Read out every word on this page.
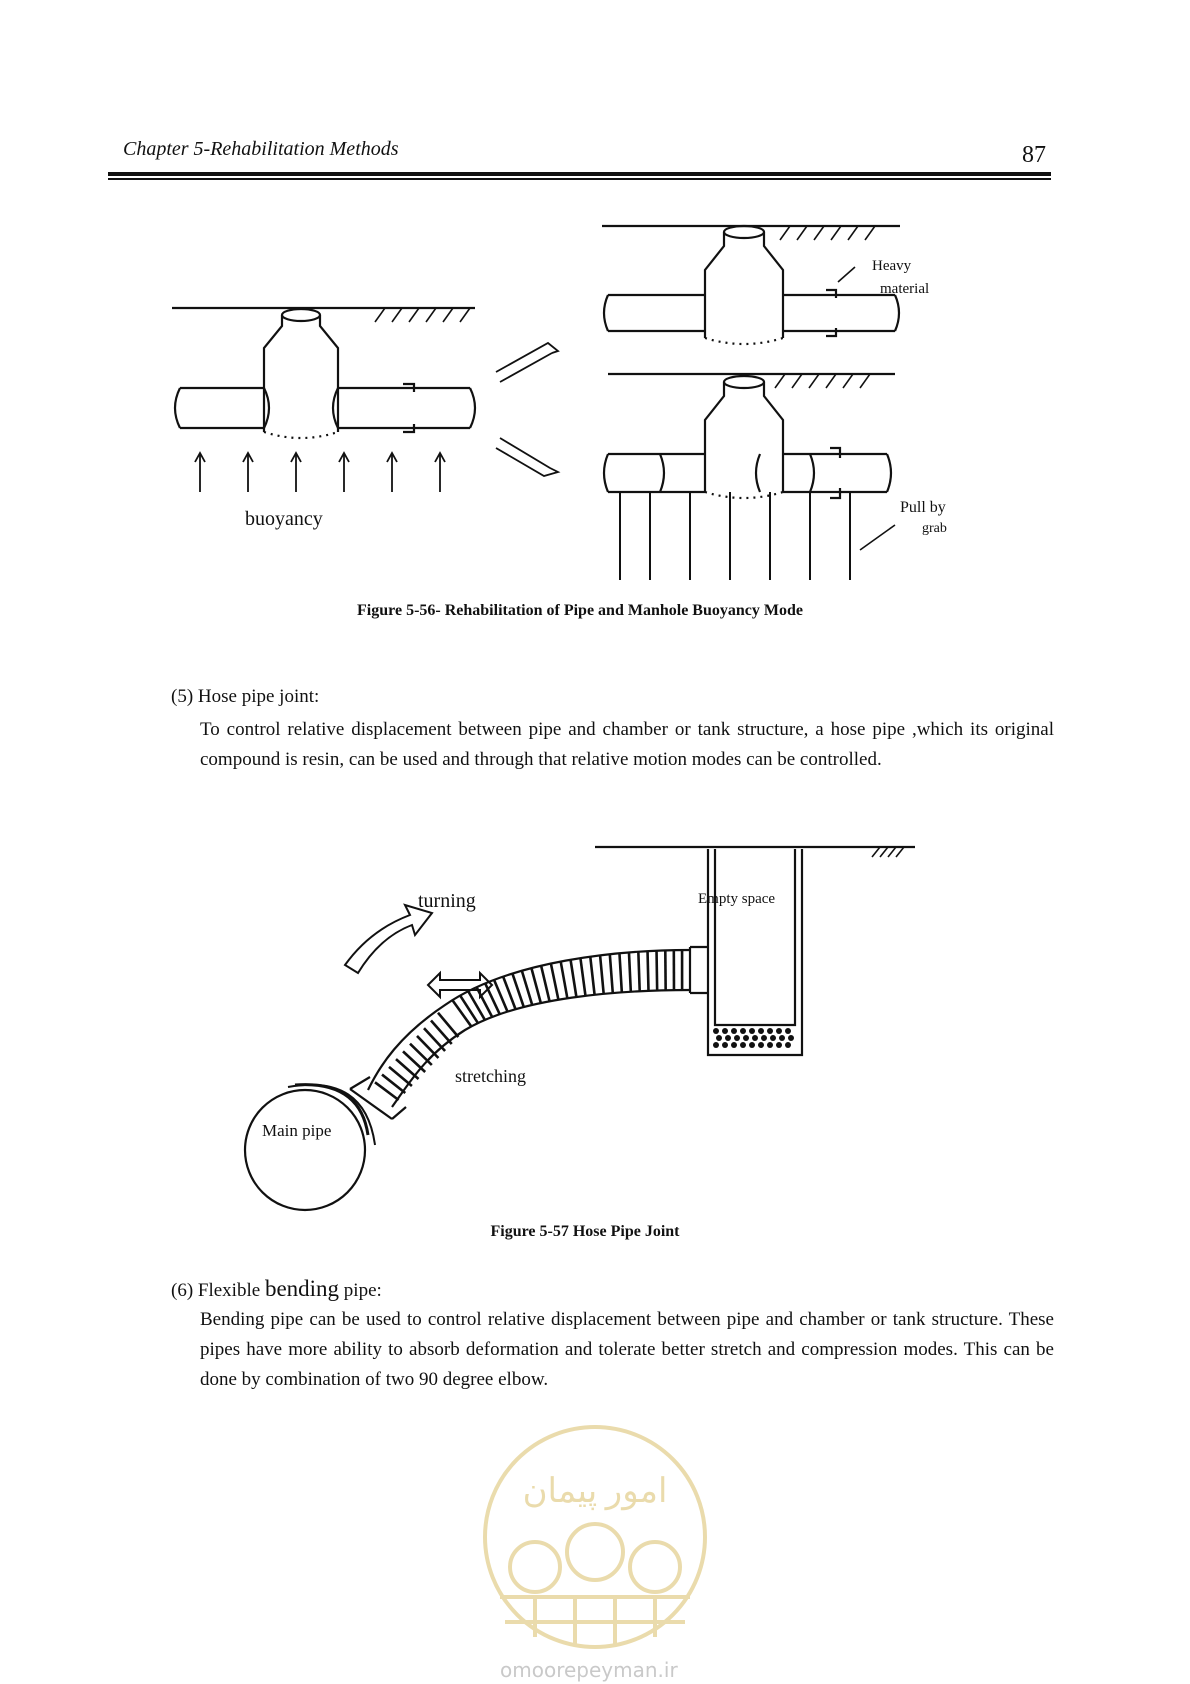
Chapter 5-Rehabilitation Methods	87
buoyancy
Heavy
material
Pull by
grab
Figure 5-56- Rehabilitation of Pipe and Manhole Buoyancy Mode
(5) Hose pipe joint:
To control relative displacement between pipe and chamber or tank structure, a hose pipe ,which its original compound is resin, can be used and through that relative motion modes can be controlled.
turning	Empty space
stretching
Main pipe
Figure 5-57 Hose Pipe Joint
(6) Flexible bending pipe:
Bending pipe can be used to control relative displacement between pipe and chamber or tank structure. These pipes have more ability to absorb deformation and tolerate better stretch and compression modes. This can be done by combination of two 90 degree elbow.
امور پیمان
omoorepeyman.ir
